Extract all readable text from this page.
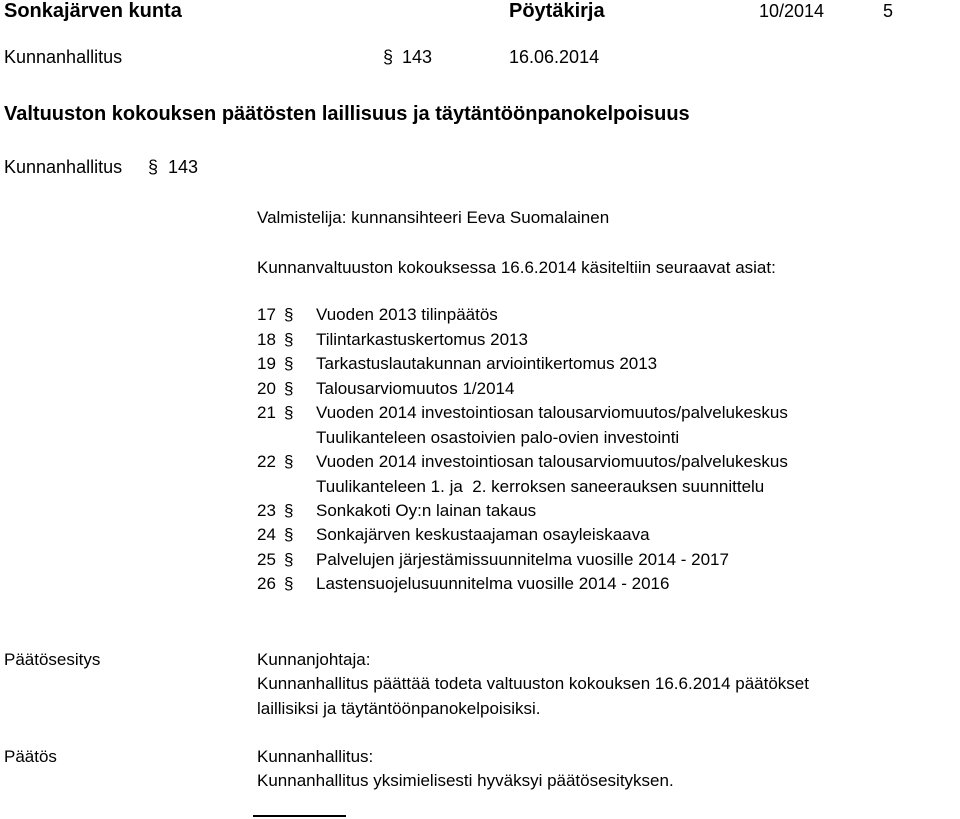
Sonkajärven kunta	Pöytäkirja	10/2014	5
Kunnanhallitus	§ 143	16.06.2014
Valtuuston kokouksen päätösten laillisuus ja täytäntöönpanokelpoisuus
Kunnanhallitus § 143
Valmistelija: kunnansihteeri Eeva Suomalainen
Kunnanvaltuuston kokouksessa 16.6.2014 käsiteltiin seuraavat asiat:
17 § Vuoden 2013 tilinpäätös
18 § Tilintarkastuskertomus 2013
19 § Tarkastuslautakunnan arviointikertomus 2013
20 § Talousarviomuutos 1/2014
21 § Vuoden 2014 investointiosan talousarviomuutos/palvelukeskus
Tuulikanteleen osastoivien palo-ovien investointi
22 § Vuoden 2014 investointiosan talousarviomuutos/palvelukeskus
Tuulikanteleen 1. ja  2. kerroksen saneerauksen suunnittelu
23 § Sonkakoti Oy:n lainan takaus
24 § Sonkajärven keskustaajaman osayleiskaava
25 § Palvelujen järjestämissuunnitelma vuosille 2014 - 2017
26 § Lastensuojelusuunnitelma vuosille 2014 - 2016
Päätösesitys	Kunnanjohtaja:
Kunnanhallitus päättää todeta valtuuston kokouksen 16.6.2014 päätökset
laillisiksi ja täytäntöönpanokelpoisiksi.
Päätös	Kunnanhallitus:
Kunnanhallitus yksimielisesti hyväksyi päätösesityksen.
